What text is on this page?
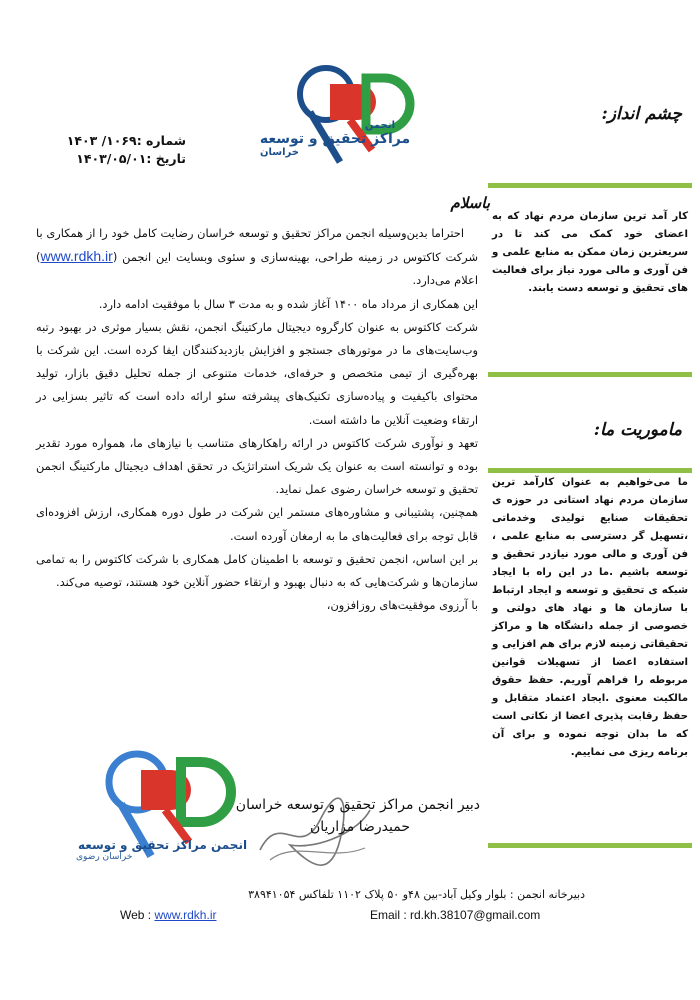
انجمن
مراکز تحقیق و توسعه
خراسان
شماره :۱۰۶۹/ ۱۴۰۳
تاریخ :۱۴۰۳/۰۵/۰۱
چشم انداز:
کار آمد ترین سازمان مردم نهاد که به اعضای خود کمک می کند تا در سریعترین زمان ممکن به منابع علمی و فن آوری و مالی مورد نیاز برای فعالیت های تحقیق و توسعه دست یابند.
ماموریت ما:
ما می‌خواهیم به عنوان کارآمد ترین سازمان مردم نهاد استانی در حوزه ی تحقیقات صنایع تولیدی وخدماتی ،تسهیل گر دسترسی به منابع علمی ، فن آوری و مالی مورد نیازدر تحقیق و توسعه باشیم .ما در این راه با ایجاد شبکه ی تحقیق و توسعه و ایجاد ارتباط با سازمان ها و نهاد های دولتی و خصوصی از جمله دانشگاه ها و مراکز تحقیقاتی زمینه لازم برای هم افزایی و استفاده اعضا از تسهیلات قوانین مربوطه را فراهم آوریم. حفظ حقوق مالکیت معنوی .ایجاد اعتماد متقابل و حفظ رقابت پذیری اعضا از نکاتی است که ما بدان توجه نموده و برای آن برنامه ریزی می نماییم.
باسلام

احتراما بدین‌وسیله انجمن مراکز تحقیق و توسعه خراسان رضایت کامل خود را از همکاری با شرکت کاکتوس در زمینه طراحی، بهینه‌سازی و سئوی وبسایت این انجمن (www.rdkh.ir) اعلام می‌دارد.

این همکاری از مرداد ماه ۱۴۰۰ آغاز شده و به مدت ۳ سال با موفقیت ادامه دارد.

شرکت کاکتوس به عنوان کارگروه دیجیتال مارکتینگ انجمن، نقش بسیار موثری در بهبود رتبه وب‌سایت‌های ما در موتورهای جستجو و افزایش بازدیدکنندگان ایفا کرده است. این شرکت با بهره‌گیری از تیمی متخصص و حرفه‌ای، خدمات متنوعی از جمله تحلیل دقیق بازار، تولید محتوای باکیفیت و پیاده‌سازی تکنیک‌های پیشرفته سئو ارائه داده است که تاثیر بسزایی در ارتقاء وضعیت آنلاین ما داشته است.

تعهد و نوآوری شرکت کاکتوس در ارائه راهکارهای متناسب با نیازهای ما، همواره مورد تقدیر بوده و توانسته است به عنوان یک شریک استراتژیک در تحقق اهداف دیجیتال مارکتینگ انجمن تحقیق و توسعه خراسان رضوی عمل نماید.

همچنین، پشتیبانی و مشاوره‌های مستمر این شرکت در طول دوره همکاری، ارزش افزوده‌ای قابل توجه برای فعالیت‌های ما به ارمغان آورده است.

بر این اساس، انجمن تحقیق و توسعه با اطمینان کامل همکاری با شرکت کاکتوس را به تمامی سازمان‌ها و شرکت‌هایی که به دنبال بهبود و ارتقاء حضور آنلاین خود هستند، توصیه می‌کند.

با آرزوی موفقیت‌های روزافزون،

انجمن مراکز تحقیق و توسعه
خراسان رضوی
دبیر انجمن مراکز تحقیق و توسعه خراسان
حمیدرضا مزاریان
دبیرخانه انجمن : بلوار وکیل آباد-بین ۴۸و ۵۰ پلاک ۱۱۰۲ تلفاکس ۳۸۹۴۱۰۵۴
Web : www.rdkh.ir	Email : rd.kh.38107@gmail.com
